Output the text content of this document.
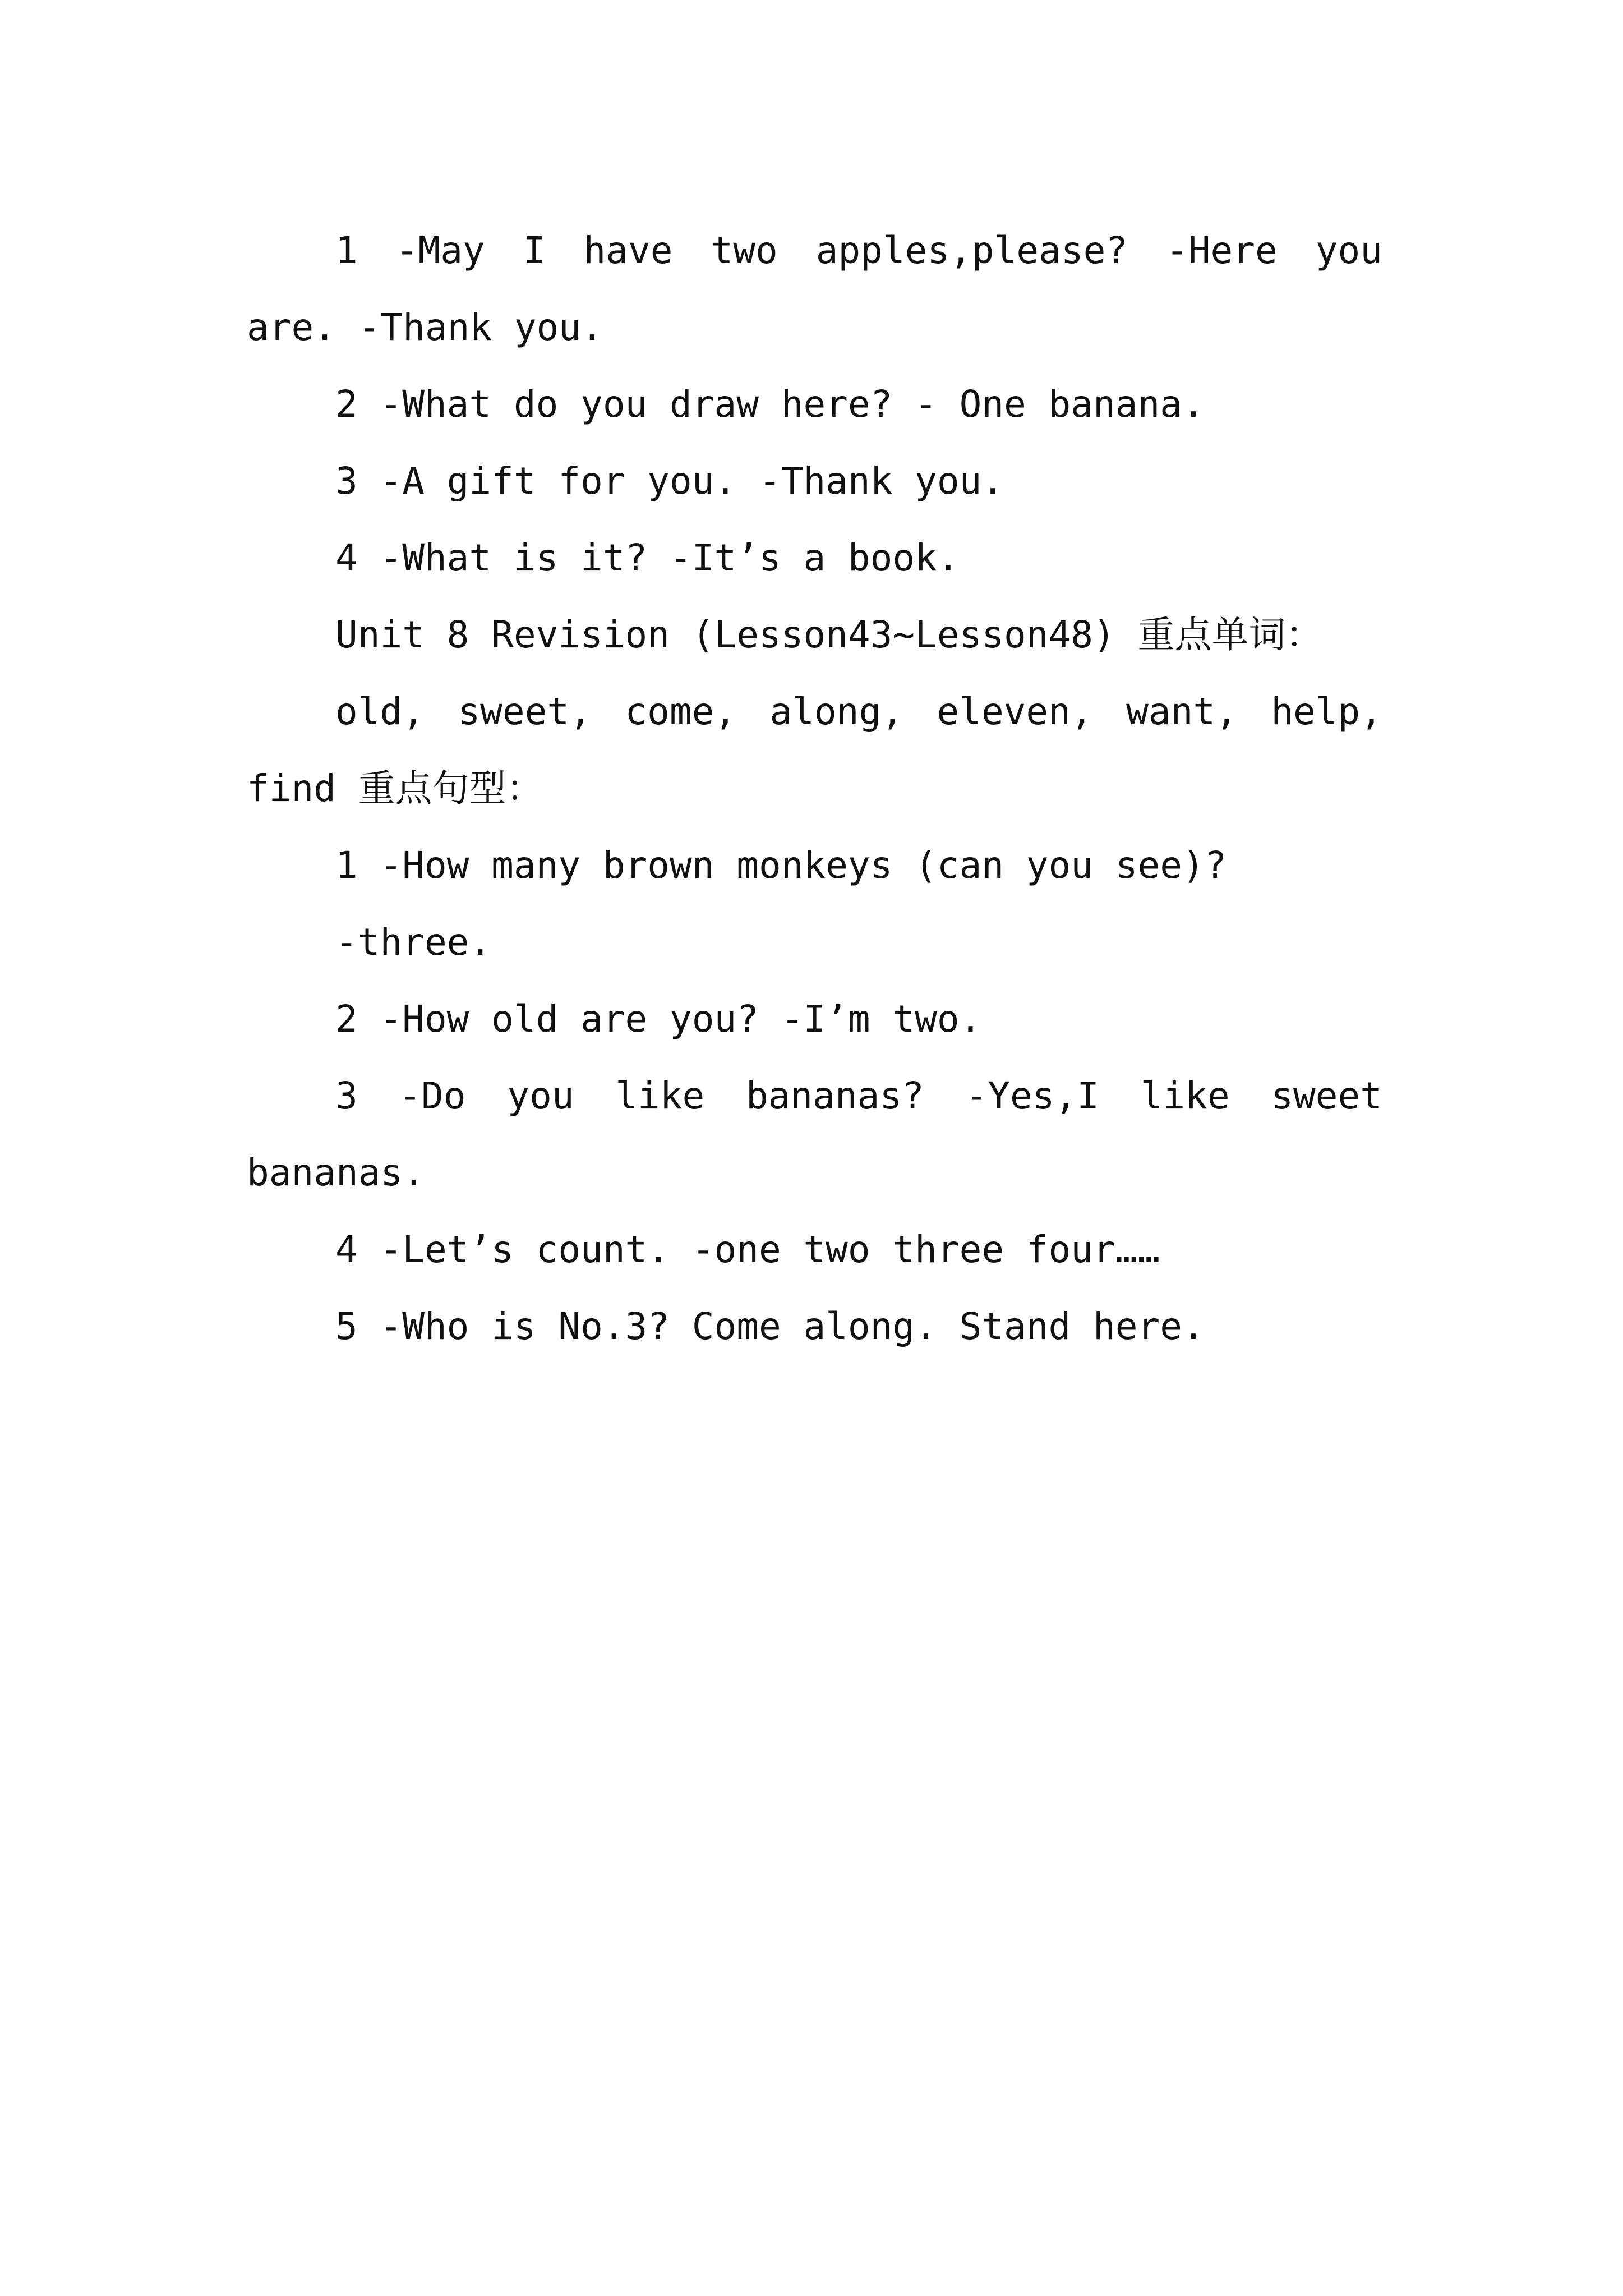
1 -May I have two apples,please? -Here you are. -Thank you.

2 -What do you draw here? - One banana.

3 -A gift for you. -Thank you.

4 -What is it? -It’s a book.

Unit 8 Revision (Lesson43~Lesson48) 重点单词：

old, sweet, come, along, eleven, want, help, find 重点句型：

1 -How many brown monkeys (can you see)?

-three.

2 -How old are you? -I’m two.

3 -Do you like bananas? -Yes,I like sweet bananas.

4 -Let’s count. -one two three four……

5 -Who is No.3? Come along. Stand here.
